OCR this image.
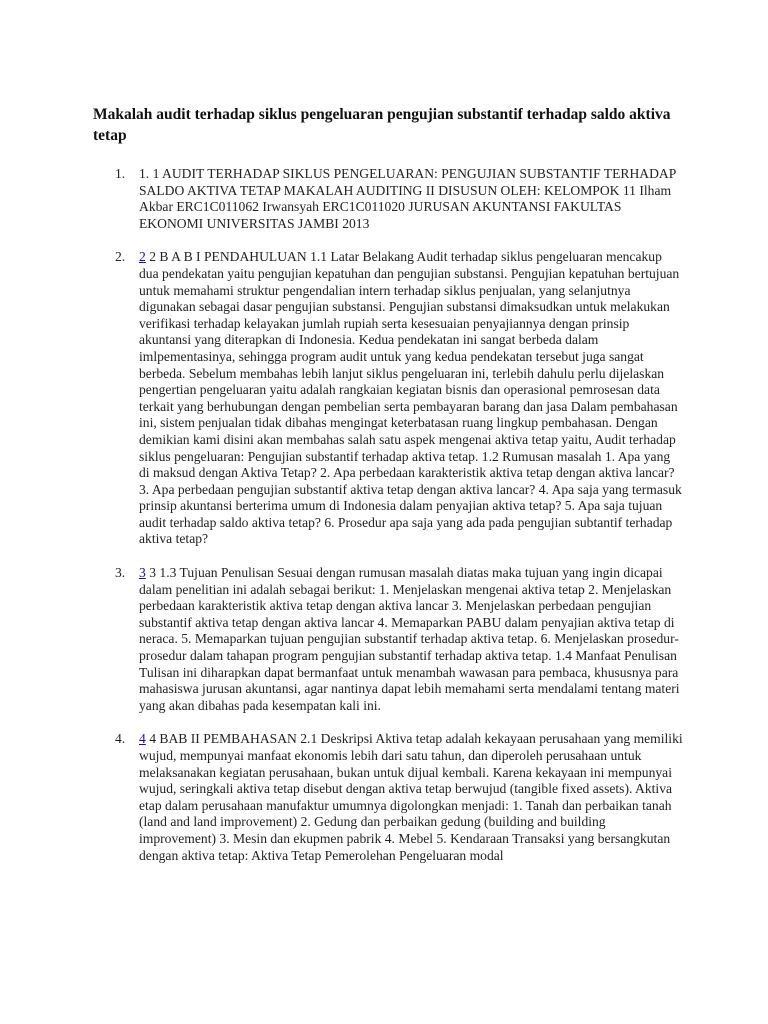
Makalah audit terhadap siklus pengeluaran pengujian substantif terhadap saldo aktiva tetap
1. 1. 1 AUDIT TERHADAP SIKLUS PENGELUARAN: PENGUJIAN SUBSTANTIF TERHADAP SALDO AKTIVA TETAP MAKALAH AUDITING II DISUSUN OLEH: KELOMPOK 11 Ilham Akbar ERC1C011062 Irwansyah ERC1C011020 JURUSAN AKUNTANSI FAKULTAS EKONOMI UNIVERSITAS JAMBI 2013
2. 2 2 B A B I PENDAHULUAN 1.1 Latar Belakang Audit terhadap siklus pengeluaran mencakup dua pendekatan yaitu pengujian kepatuhan dan pengujian substansi. Pengujian kepatuhan bertujuan untuk memahami struktur pengendalian intern terhadap siklus penjualan, yang selanjutnya digunakan sebagai dasar pengujian substansi. Pengujian substansi dimaksudkan untuk melakukan verifikasi terhadap kelayakan jumlah rupiah serta kesesuaian penyajiannya dengan prinsip akuntansi yang diterapkan di Indonesia. Kedua pendekatan ini sangat berbeda dalam imlpementasinya, sehingga program audit untuk yang kedua pendekatan tersebut juga sangat berbeda. Sebelum membahas lebih lanjut siklus pengeluaran ini, terlebih dahulu perlu dijelaskan pengertian pengeluaran yaitu adalah rangkaian kegiatan bisnis dan operasional pemrosesan data terkait yang berhubungan dengan pembelian serta pembayaran barang dan jasa Dalam pembahasan ini, sistem penjualan tidak dibahas mengingat keterbatasan ruang lingkup pembahasan. Dengan demikian kami disini akan membahas salah satu aspek mengenai aktiva tetap yaitu, Audit terhadap siklus pengeluaran: Pengujian substantif terhadap aktiva tetap. 1.2 Rumusan masalah 1. Apa yang di maksud dengan Aktiva Tetap? 2. Apa perbedaan karakteristik aktiva tetap dengan aktiva lancar? 3. Apa perbedaan pengujian substantif aktiva tetap dengan aktiva lancar? 4. Apa saja yang termasuk prinsip akuntansi berterima umum di Indonesia dalam penyajian aktiva tetap? 5. Apa saja tujuan audit terhadap saldo aktiva tetap? 6. Prosedur apa saja yang ada pada pengujian subtantif terhadap aktiva tetap?
3. 3 3 1.3 Tujuan Penulisan Sesuai dengan rumusan masalah diatas maka tujuan yang ingin dicapai dalam penelitian ini adalah sebagai berikut: 1. Menjelaskan mengenai aktiva tetap 2. Menjelaskan perbedaan karakteristik aktiva tetap dengan aktiva lancar 3. Menjelaskan perbedaan pengujian substantif aktiva tetap dengan aktiva lancar 4. Memaparkan PABU dalam penyajian aktiva tetap di neraca. 5. Memaparkan tujuan pengujian substantif terhadap aktiva tetap. 6. Menjelaskan prosedur-prosedur dalam tahapan program pengujian substantif terhadap aktiva tetap. 1.4 Manfaat Penulisan Tulisan ini diharapkan dapat bermanfaat untuk menambah wawasan para pembaca, khususnya para mahasiswa jurusan akuntansi, agar nantinya dapat lebih memahami serta mendalami tentang materi yang akan dibahas pada kesempatan kali ini.
4. 4 4 BAB II PEMBAHASAN 2.1 Deskripsi Aktiva tetap adalah kekayaan perusahaan yang memiliki wujud, mempunyai manfaat ekonomis lebih dari satu tahun, dan diperoleh perusahaan untuk melaksanakan kegiatan perusahaan, bukan untuk dijual kembali. Karena kekayaan ini mempunyai wujud, seringkali aktiva tetap disebut dengan aktiva tetap berwujud (tangible fixed assets). Aktiva etap dalam perusahaan manufaktur umumnya digolongkan menjadi: 1. Tanah dan perbaikan tanah (land and land improvement) 2. Gedung dan perbaikan gedung (building and building improvement) 3. Mesin dan ekupmen pabrik 4. Mebel 5. Kendaraan Transaksi yang bersangkutan dengan aktiva tetap: Aktiva Tetap Pemerolehan Pengeluaran modal
